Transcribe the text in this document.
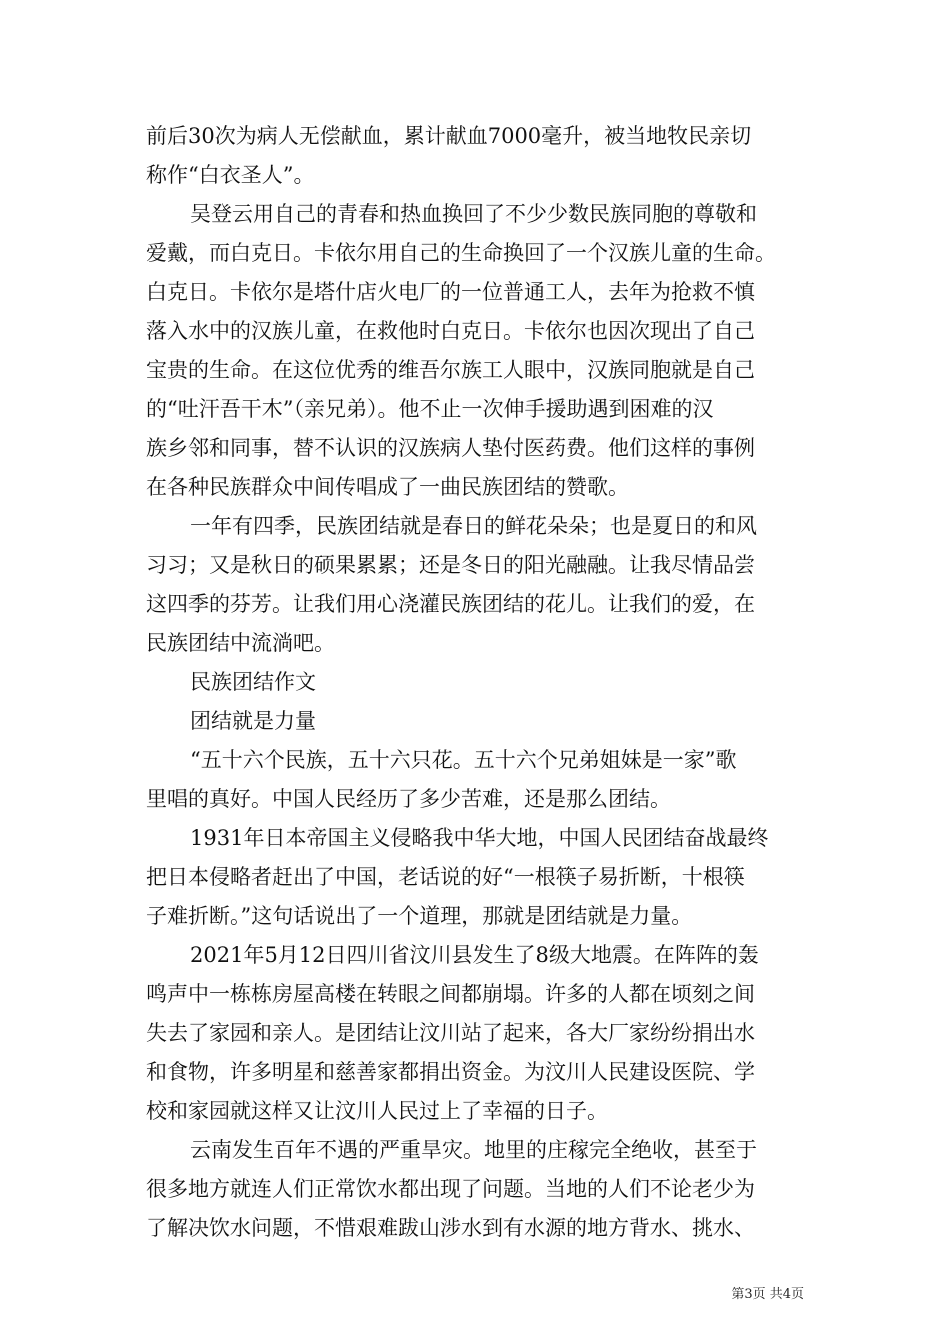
前后30次为病人无偿献血，累计献血7000毫升，被当地牧民亲切
称作“白衣圣人”。
吴登云用自己的青春和热血换回了不少少数民族同胞的尊敬和
爱戴，而白克日。卡依尔用自己的生命换回了一个汉族儿童的生命。
白克日。卡依尔是塔什店火电厂的一位普通工人，去年为抢救不慎
落入水中的汉族儿童，在救他时白克日。卡依尔也因次现出了自己
宝贵的生命。在这位优秀的维吾尔族工人眼中，汉族同胞就是自己
的“吐汗吾干木”（亲兄弟）。他不止一次伸手援助遇到困难的汉
族乡邻和同事，替不认识的汉族病人垫付医药费。他们这样的事例
在各种民族群众中间传唱成了一曲民族团结的赞歌。
一年有四季，民族团结就是春日的鲜花朵朵；也是夏日的和风
习习；又是秋日的硕果累累；还是冬日的阳光融融。让我尽情品尝
这四季的芬芳。让我们用心浇灌民族团结的花儿。让我们的爱，在
民族团结中流淌吧。
民族团结作文
团结就是力量
“五十六个民族，五十六只花。五十六个兄弟姐妹是一家”歌
里唱的真好。中国人民经历了多少苦难，还是那么团结。
1931年日本帝国主义侵略我中华大地，中国人民团结奋战最终
把日本侵略者赶出了中国，老话说的好“一根筷子易折断，十根筷
子难折断。”这句话说出了一个道理，那就是团结就是力量。
2021年5月12日四川省汶川县发生了8级大地震。在阵阵的轰
鸣声中一栋栋房屋高楼在转眼之间都崩塌。许多的人都在顷刻之间
失去了家园和亲人。是团结让汶川站了起来，各大厂家纷纷捐出水
和食物，许多明星和慈善家都捐出资金。为汶川人民建设医院、学
校和家园就这样又让汶川人民过上了幸福的日子。
云南发生百年不遇的严重旱灾。地里的庄稼完全绝收，甚至于
很多地方就连人们正常饮水都出现了问题。当地的人们不论老少为
了解决饮水问题，不惜艰难跋山涉水到有水源的地方背水、挑水、
第3页 共4页
